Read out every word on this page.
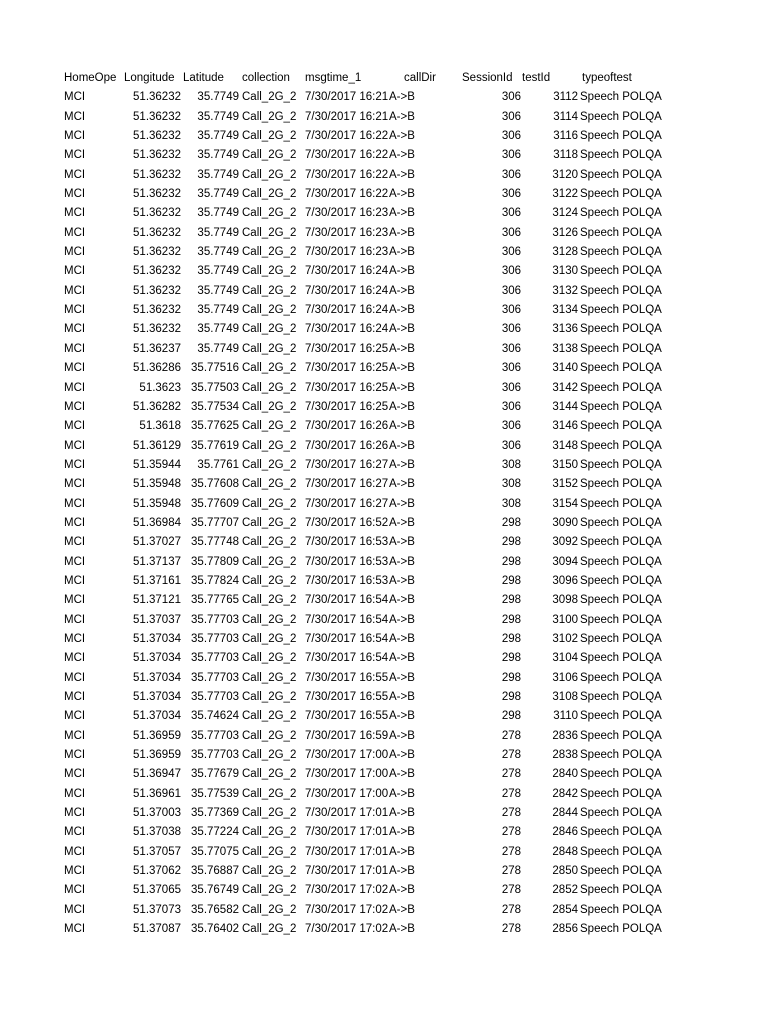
HomeOpe Longitude Latitude collection msgtime_1	callDir SessionId testId	typeoftest
MCI	51.36232	35.7749 Call_2G_2 7/30/2017 16:21 A->B	306	3112 Speech POLQA
MCI	51.36232	35.7749 Call_2G_2 7/30/2017 16:21 A->B	306	3114 Speech POLQA
MCI	51.36232	35.7749 Call_2G_2 7/30/2017 16:22 A->B	306	3116 Speech POLQA
MCI	51.36232	35.7749 Call_2G_2 7/30/2017 16:22 A->B	306	3118 Speech POLQA
MCI	51.36232	35.7749 Call_2G_2 7/30/2017 16:22 A->B	306	3120 Speech POLQA
MCI	51.36232	35.7749 Call_2G_2 7/30/2017 16:22 A->B	306	3122 Speech POLQA
MCI	51.36232	35.7749 Call_2G_2 7/30/2017 16:23 A->B	306	3124 Speech POLQA
MCI	51.36232	35.7749 Call_2G_2 7/30/2017 16:23 A->B	306	3126 Speech POLQA
MCI	51.36232	35.7749 Call_2G_2 7/30/2017 16:23 A->B	306	3128 Speech POLQA
MCI	51.36232	35.7749 Call_2G_2 7/30/2017 16:24 A->B	306	3130 Speech POLQA
MCI	51.36232	35.7749 Call_2G_2 7/30/2017 16:24 A->B	306	3132 Speech POLQA
MCI	51.36232	35.7749 Call_2G_2 7/30/2017 16:24 A->B	306	3134 Speech POLQA
MCI	51.36232	35.7749 Call_2G_2 7/30/2017 16:24 A->B	306	3136 Speech POLQA
MCI	51.36237	35.7749 Call_2G_2 7/30/2017 16:25 A->B	306	3138 Speech POLQA
MCI	51.36286 35.77516 Call_2G_2 7/30/2017 16:25 A->B	306	3140 Speech POLQA
MCI	51.3623 35.77503 Call_2G_2 7/30/2017 16:25 A->B	306	3142 Speech POLQA
MCI	51.36282 35.77534 Call_2G_2 7/30/2017 16:25 A->B	306	3144 Speech POLQA
MCI	51.3618 35.77625 Call_2G_2 7/30/2017 16:26 A->B	306	3146 Speech POLQA
MCI	51.36129 35.77619 Call_2G_2 7/30/2017 16:26 A->B	306	3148 Speech POLQA
MCI	51.35944	35.7761 Call_2G_2 7/30/2017 16:27 A->B	308	3150 Speech POLQA
MCI	51.35948 35.77608 Call_2G_2 7/30/2017 16:27 A->B	308	3152 Speech POLQA
MCI	51.35948 35.77609 Call_2G_2 7/30/2017 16:27 A->B	308	3154 Speech POLQA
MCI	51.36984 35.77707 Call_2G_2 7/30/2017 16:52 A->B	298	3090 Speech POLQA
MCI	51.37027 35.77748 Call_2G_2 7/30/2017 16:53 A->B	298	3092 Speech POLQA
MCI	51.37137 35.77809 Call_2G_2 7/30/2017 16:53 A->B	298	3094 Speech POLQA
MCI	51.37161 35.77824 Call_2G_2 7/30/2017 16:53 A->B	298	3096 Speech POLQA
MCI	51.37121 35.77765 Call_2G_2 7/30/2017 16:54 A->B	298	3098 Speech POLQA
MCI	51.37037 35.77703 Call_2G_2 7/30/2017 16:54 A->B	298	3100 Speech POLQA
MCI	51.37034 35.77703 Call_2G_2 7/30/2017 16:54 A->B	298	3102 Speech POLQA
MCI	51.37034 35.77703 Call_2G_2 7/30/2017 16:54 A->B	298	3104 Speech POLQA
MCI	51.37034 35.77703 Call_2G_2 7/30/2017 16:55 A->B	298	3106 Speech POLQA
MCI	51.37034 35.77703 Call_2G_2 7/30/2017 16:55 A->B	298	3108 Speech POLQA
MCI	51.37034 35.74624 Call_2G_2 7/30/2017 16:55 A->B	298	3110 Speech POLQA
MCI	51.36959 35.77703 Call_2G_2 7/30/2017 16:59 A->B	278	2836 Speech POLQA
MCI	51.36959 35.77703 Call_2G_2 7/30/2017 17:00 A->B	278	2838 Speech POLQA
MCI	51.36947 35.77679 Call_2G_2 7/30/2017 17:00 A->B	278	2840 Speech POLQA
MCI	51.36961 35.77539 Call_2G_2 7/30/2017 17:00 A->B	278	2842 Speech POLQA
MCI	51.37003 35.77369 Call_2G_2 7/30/2017 17:01 A->B	278	2844 Speech POLQA
MCI	51.37038 35.77224 Call_2G_2 7/30/2017 17:01 A->B	278	2846 Speech POLQA
MCI	51.37057 35.77075 Call_2G_2 7/30/2017 17:01 A->B	278	2848 Speech POLQA
MCI	51.37062 35.76887 Call_2G_2 7/30/2017 17:01 A->B	278	2850 Speech POLQA
MCI	51.37065 35.76749 Call_2G_2 7/30/2017 17:02 A->B	278	2852 Speech POLQA
MCI	51.37073 35.76582 Call_2G_2 7/30/2017 17:02 A->B	278	2854 Speech POLQA
MCI	51.37087 35.76402 Call_2G_2 7/30/2017 17:02 A->B	278	2856 Speech POLQA
